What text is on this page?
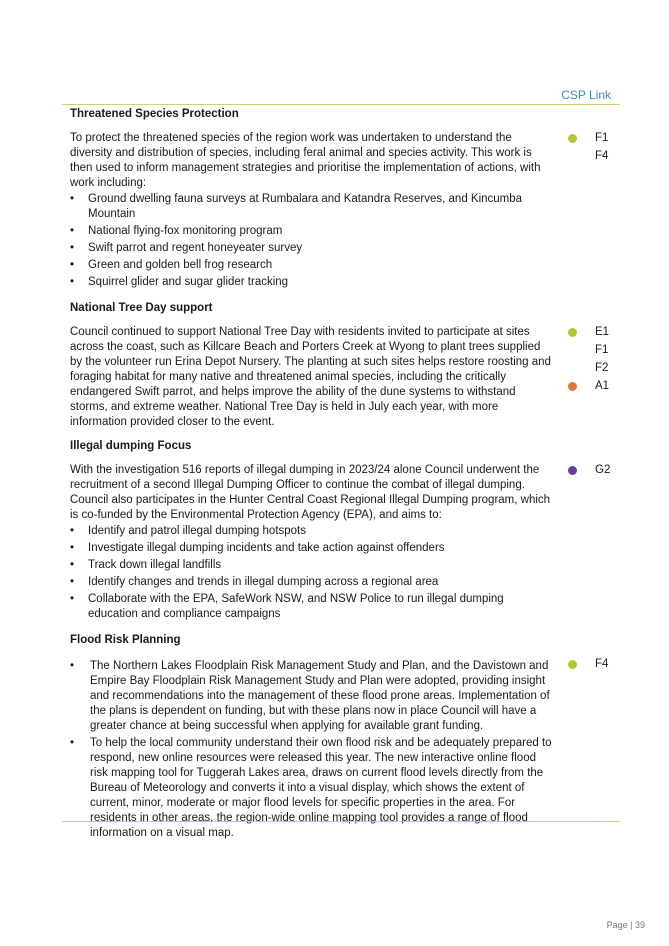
CSP Link
Threatened Species Protection

To protect the threatened species of the region work was undertaken to understand the diversity and distribution of species, including feral animal and species activity. This work is then used to inform management strategies and prioritise the implementation of actions, with work including:

• Ground dwelling fauna surveys at Rumbalara and Katandra Reserves, and Kincumba Mountain
• National flying-fox monitoring program
• Swift parrot and regent honeyeater survey
• Green and golden bell frog research
• Squirrel glider and sugar glider tracking
F1
F4
National Tree Day support

Council continued to support National Tree Day with residents invited to participate at sites across the coast, such as Killcare Beach and Porters Creek at Wyong to plant trees supplied by the volunteer run Erina Depot Nursery. The planting at such sites helps restore roosting and foraging habitat for many native and threatened animal species, including the critically endangered Swift parrot, and helps improve the ability of the dune systems to withstand storms, and extreme weather. National Tree Day is held in July each year, with more information provided closer to the event.

E1
F1
F2
A1
Illegal dumping Focus

With the investigation 516 reports of illegal dumping in 2023/24 alone Council underwent the recruitment of a second Illegal Dumping Officer to continue the combat of illegal dumping. Council also participates in the Hunter Central Coast Regional Illegal Dumping program, which is co-funded by the Environmental Protection Agency (EPA), and aims to:

• Identify and patrol illegal dumping hotspots
• Investigate illegal dumping incidents and take action against offenders
• Track down illegal landfills
• Identify changes and trends in illegal dumping across a regional area
• Collaborate with the EPA, SafeWork NSW, and NSW Police to run illegal dumping education and compliance campaigns
G2
Flood Risk Planning
• The Northern Lakes Floodplain Risk Management Study and Plan, and the Davistown and Empire Bay Floodplain Risk Management Study and Plan were adopted, providing insight and recommendations into the management of these flood prone areas. Implementation of the plans is dependent on funding, but with these plans now in place Council will have a greater chance at being successful when applying for available grant funding.
• To help the local community understand their own flood risk and be adequately prepared to respond, new online resources were released this year. The new interactive online flood risk mapping tool for Tuggerah Lakes area, draws on current flood levels directly from the Bureau of Meteorology and converts it into a visual display, which shows the extent of current, minor, moderate or major flood levels for specific properties in the area. For residents in other areas, the region-wide online mapping tool provides a range of flood information on a visual map.
F4
Page | 39
